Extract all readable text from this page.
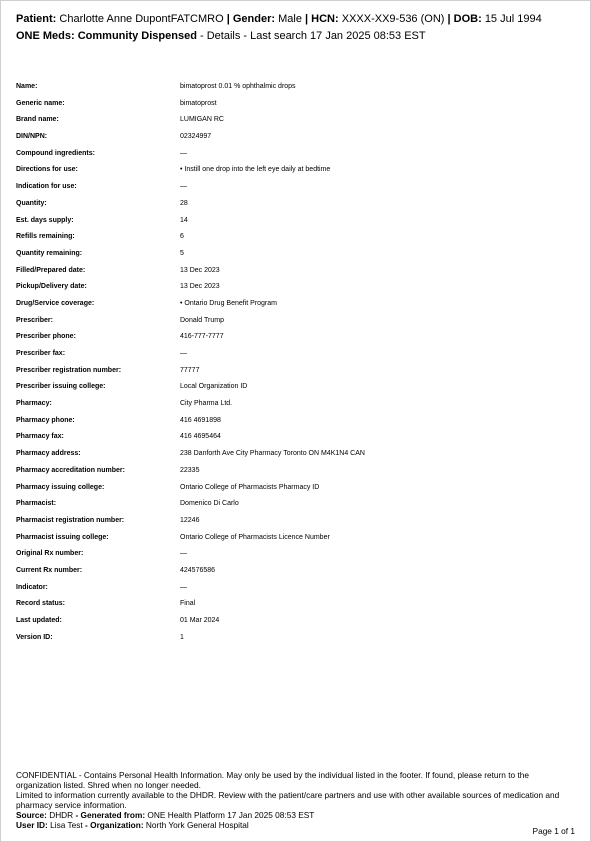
Patient: Charlotte Anne DupontFATCMRO | Gender: Male | HCN: XXXX-XX9-536 (ON) | DOB: 15 Jul 1994
ONE Meds: Community Dispensed - Details - Last search 17 Jan 2025 08:53 EST
Name:	bimatoprost 0.01 % ophthalmic drops
Generic name:	bimatoprost
Brand name:	LUMIGAN RC
DIN/NPN:	02324997
Compound ingredients:	—
Directions for use:	• Instill one drop into the left eye daily at bedtime
Indication for use:	—
Quantity:	28
Est. days supply:	14
Refills remaining:	6
Quantity remaining:	5
Filled/Prepared date:	13 Dec 2023
Pickup/Delivery date:	13 Dec 2023
Drug/Service coverage:	• Ontario Drug Benefit Program
Prescriber:	Donald Trump
Prescriber phone:	416-777-7777
Prescriber fax:	—
Prescriber registration number:	77777
Prescriber issuing college:	Local Organization ID
Pharmacy:	City Pharma Ltd.
Pharmacy phone:	416 4691898
Pharmacy fax:	416 4695464
Pharmacy address:	238 Danforth Ave City Pharmacy Toronto ON M4K1N4 CAN
Pharmacy accreditation number:	22335
Pharmacy issuing college:	Ontario College of Pharmacists Pharmacy ID
Pharmacist:	Domenico Di Carlo
Pharmacist registration number:	12246
Pharmacist issuing college:	Ontario College of Pharmacists Licence Number
Original Rx number:	—
Current Rx number:	424576586
Indicator:	—
Record status:	Final
Last updated:	01 Mar 2024
Version ID:	1

CONFIDENTIAL - Contains Personal Health Information. May only be used by the individual listed in the footer. If found, please return to the organization listed. Shred when no longer needed.

Limited to information currently available to the DHDR. Review with the patient/care partners and use with other available sources of medication and pharmacy service information.

Source: DHDR - Generated from: ONE Health Platform 17 Jan 2025 08:53 EST

User ID: Lisa Test - Organization: North York General Hospital

Page 1 of 1
